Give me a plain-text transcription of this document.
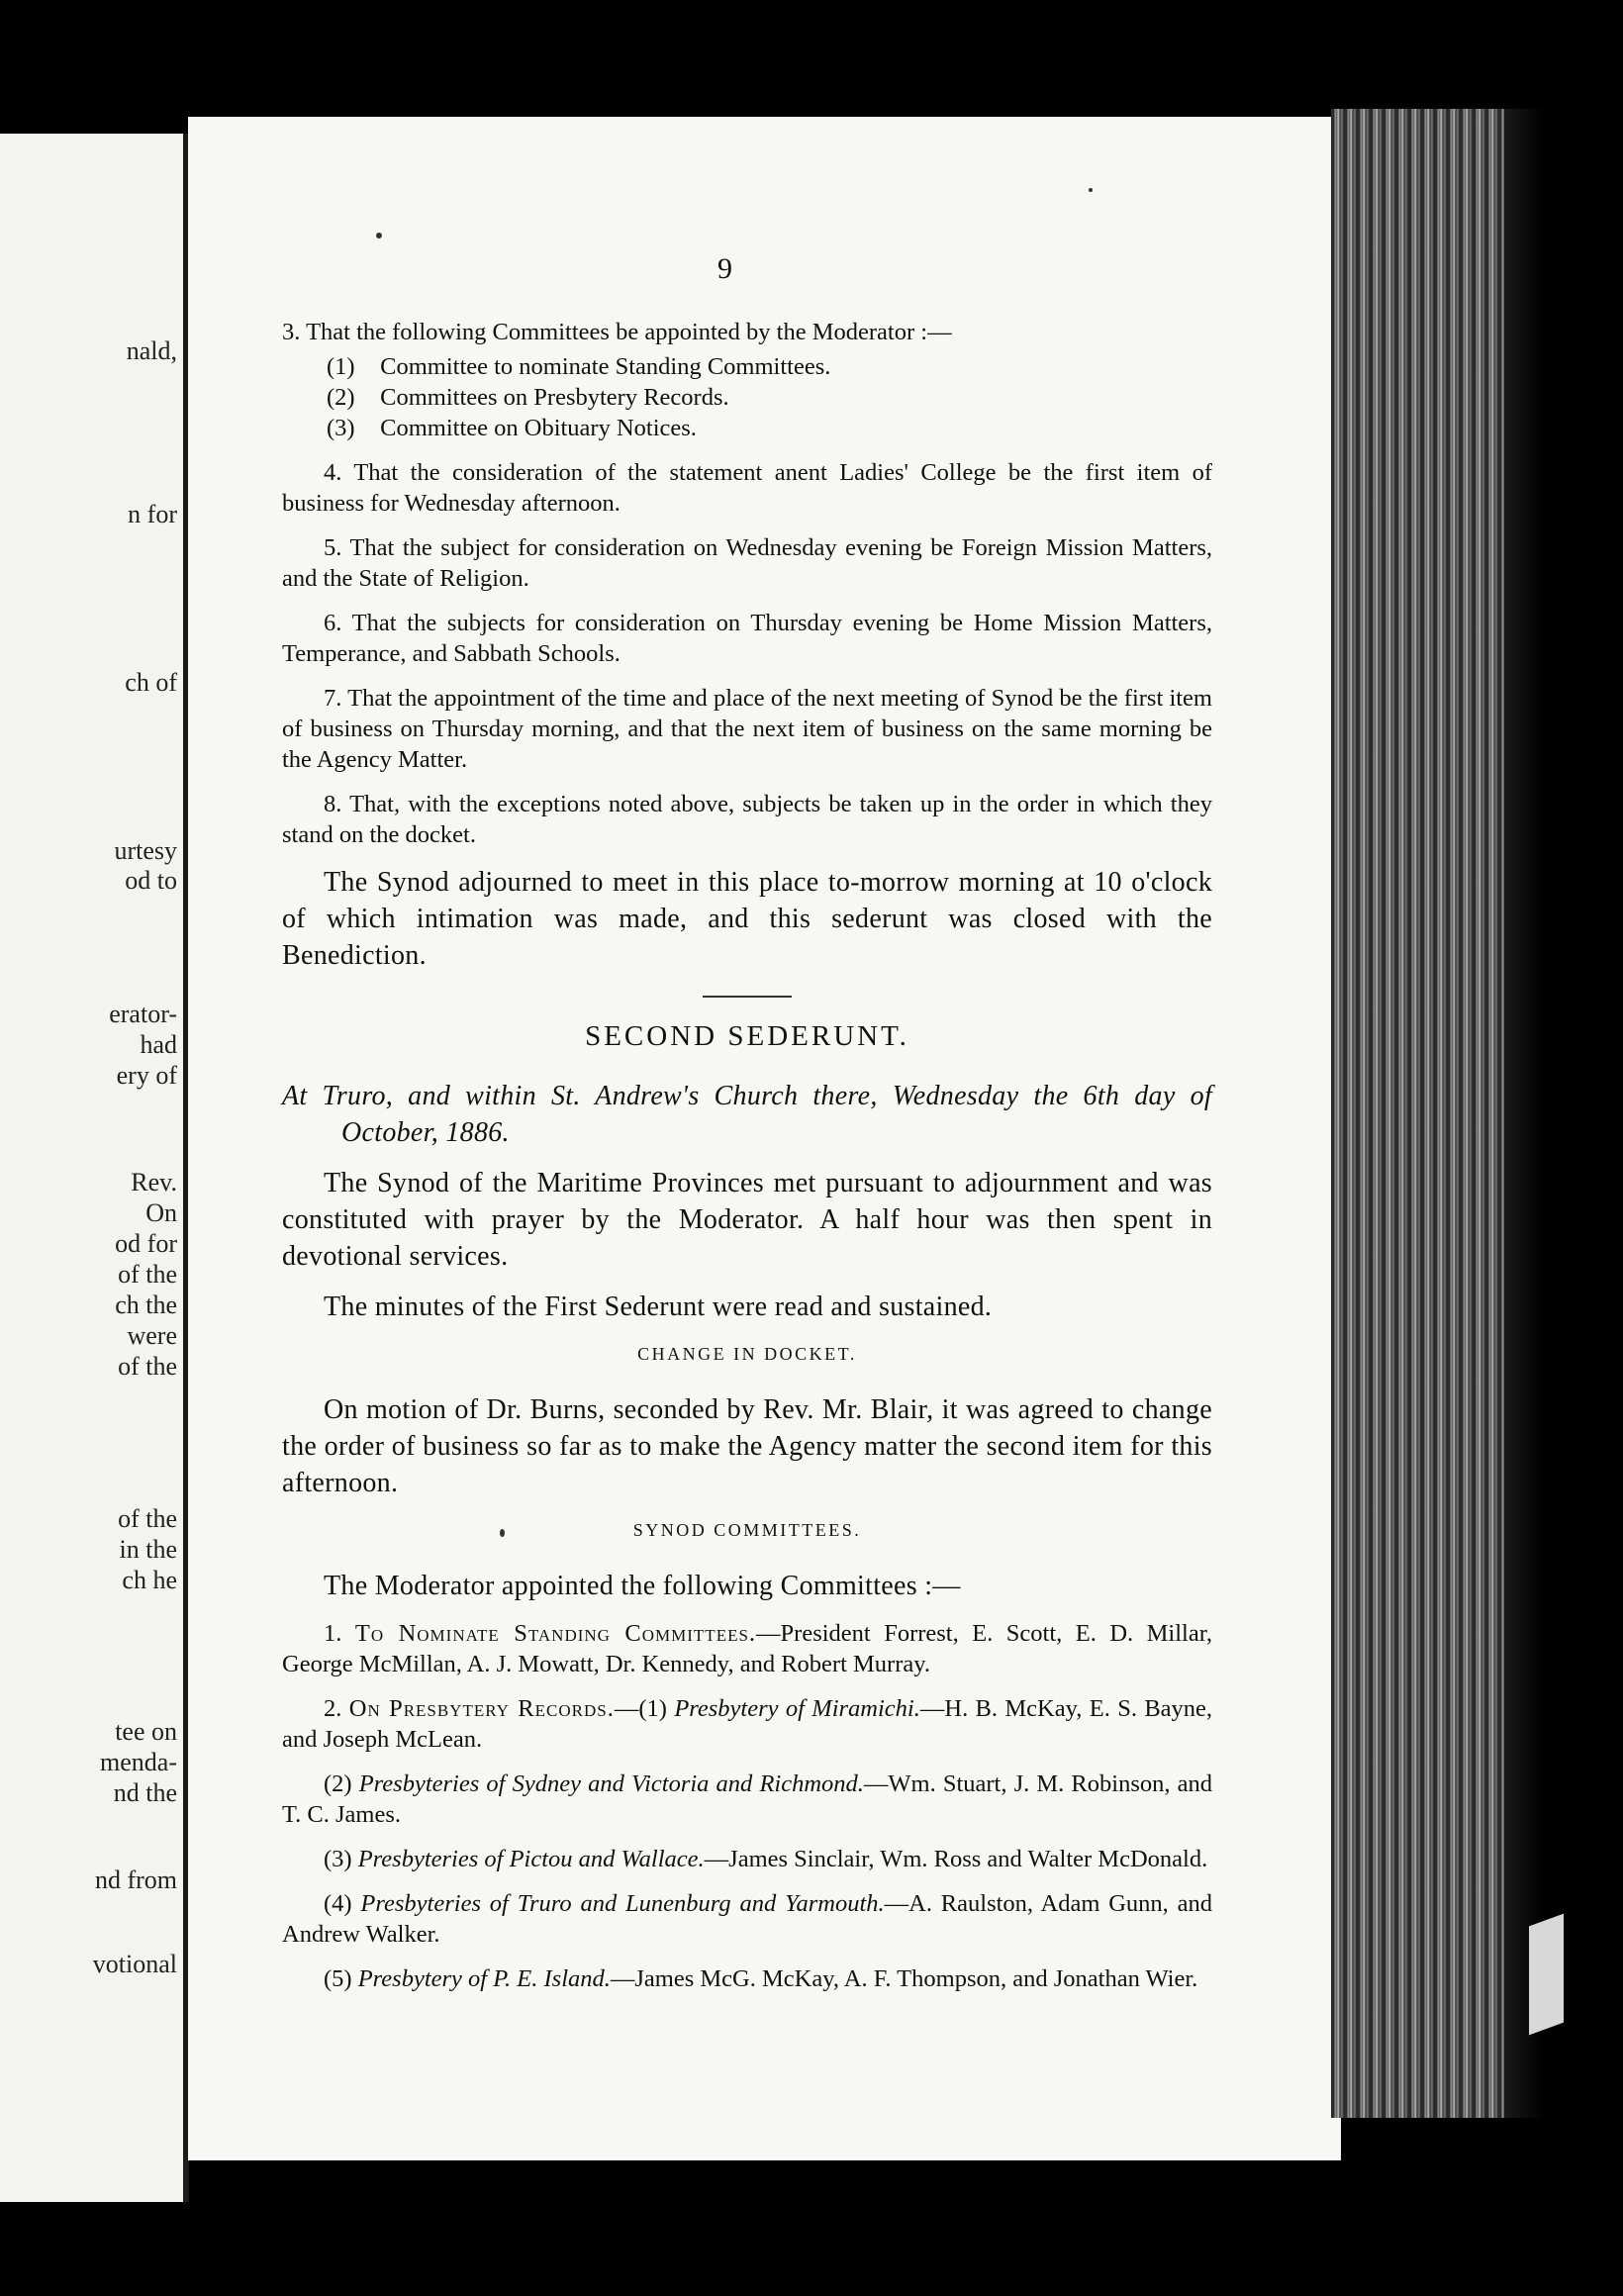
nald,
n for
ch of
urtesy
od to
erator-
had
ery of
Rev.
On
od for
of the
ch the
were
of the
of the
in the
ch he
tee on
menda-
nd the
nd from
votional
9

3. That the following Committees be appointed by the Moderator :—

(1) Committee to nominate Standing Committees.
(2) Committees on Presbytery Records.
(3) Committee on Obituary Notices.

4. That the consideration of the statement anent Ladies' College be the first item of business for Wednesday afternoon.

5. That the subject for consideration on Wednesday evening be Foreign Mission Matters, and the State of Religion.

6. That the subjects for consideration on Thursday evening be Home Mission Matters, Temperance, and Sabbath Schools.

7. That the appointment of the time and place of the next meeting of Synod be the first item of business on Thursday morning, and that the next item of business on the same morning be the Agency Matter.

8. That, with the exceptions noted above, subjects be taken up in the order in which they stand on the docket.

The Synod adjourned to meet in this place to-morrow morning at 10 o'clock of which intimation was made, and this sederunt was closed with the Benediction.

SECOND SEDERUNT.

At Truro, and within St. Andrew's Church there, Wednesday the 6th day of October, 1886.

The Synod of the Maritime Provinces met pursuant to adjournment and was constituted with prayer by the Moderator. A half hour was then spent in devotional services.

The minutes of the First Sederunt were read and sustained.

CHANGE IN DOCKET.

On motion of Dr. Burns, seconded by Rev. Mr. Blair, it was agreed to change the order of business so far as to make the Agency matter the second item for this afternoon.

SYNOD COMMITTEES.

The Moderator appointed the following Committees :—

1. To Nominate Standing Committees.—President Forrest, E. Scott, E. D. Millar, George McMillan, A. J. Mowatt, Dr. Kennedy, and Robert Murray.

2. On Presbytery Records.—(1) Presbytery of Miramichi.—H. B. McKay, E. S. Bayne, and Joseph McLean.

(2) Presbyteries of Sydney and Victoria and Richmond.—Wm. Stuart, J. M. Robinson, and T. C. James.

(3) Presbyteries of Pictou and Wallace.—James Sinclair, Wm. Ross and Walter McDonald.

(4) Presbyteries of Truro and Lunenburg and Yarmouth.—A. Raulston, Adam Gunn, and Andrew Walker.

(5) Presbytery of P. E. Island.—James McG. McKay, A. F. Thompson, and Jonathan Wier.
